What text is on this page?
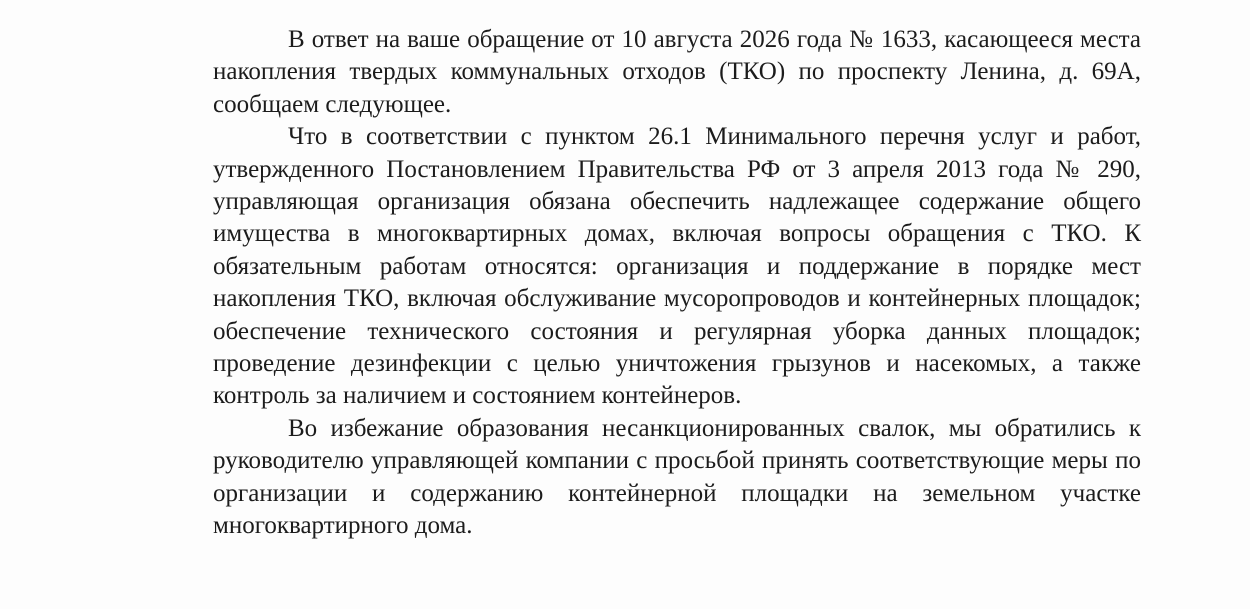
В ответ на ваше обращение от 10 августа 2026 года № 1633, касающееся места накопления твердых коммунальных отходов (ТКО) по проспекту Ленина, д. 69А, сообщаем следующее.

Что в соответствии с пунктом 26.1 Минимального перечня услуг и работ, утвержденного Постановлением Правительства РФ от 3 апреля 2013 года № 290, управляющая организация обязана обеспечить надлежащее содержание общего имущества в многоквартирных домах, включая вопросы обращения с ТКО. К обязательным работам относятся: организация и поддержание в порядке мест накопления ТКО, включая обслуживание мусоропроводов и контейнерных площадок; обеспечение технического состояния и регулярная уборка данных площадок; проведение дезинфекции с целью уничтожения грызунов и насекомых, а также контроль за наличием и состоянием контейнеров.

Во избежание образования несанкционированных свалок, мы обратились к руководителю управляющей компании с просьбой принять соответствующие меры по организации и содержанию контейнерной площадки на земельном участке многоквартирного дома.
